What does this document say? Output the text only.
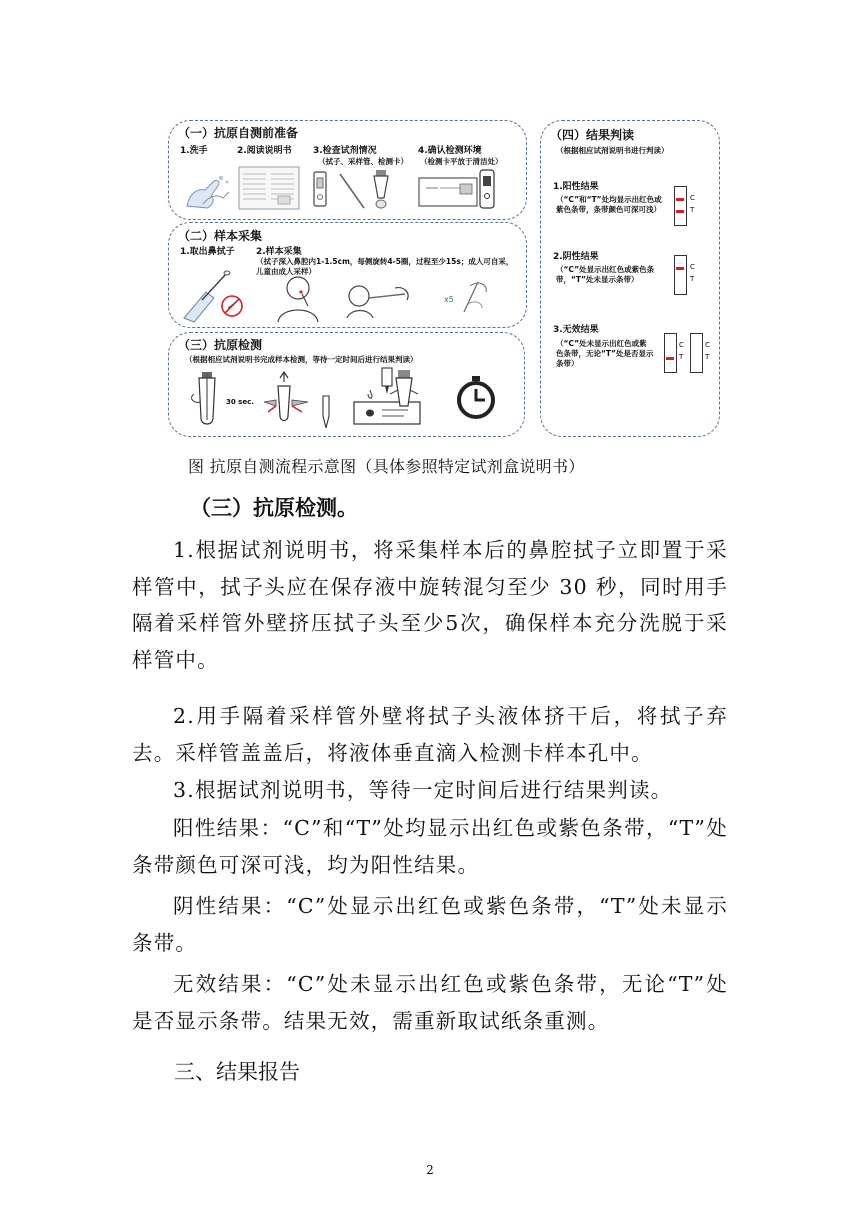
（一）抗原自测前准备
1.洗手	2.阅读说明书 3.检查试剂情况
（拭子、采样管、检测卡）
4.确认检测环境
（检测卡平放于清洁处）
（二）样本采集
1.取出鼻拭子 2.样本采集
（拭子深入鼻腔内1-1.5cm，每侧旋转4-5圈，过程至少15s；成人可自采，儿童由成人采样）
x5
（三）抗原检测
（根据相应试剂说明书完成样本检测，等待一定时间后进行结果判读）
30 sec.
（四）结果判读
（根据相应试剂说明书进行判读）
1.阳性结果
（“C”和“T”处均显示出红色或紫色条带，条带颜色可深可浅）
C
T
2.阴性结果
（“C”处显示出红色或紫色条带，“T”处未显示条带）
C
T
3.无效结果
（“C”处未显示出红色或紫色条带，无论“T”处是否显示条带）
C
T
C
T
图 抗原自测流程示意图（具体参照特定试剂盒说明书）
（三）抗原检测。
1.根据试剂说明书，将采集样本后的鼻腔拭子立即置于采样管中，拭子头应在保存液中旋转混匀至少 30 秒，同时用手隔着采样管外壁挤压拭子头至少5次，确保样本充分洗脱于采样管中。
2.用手隔着采样管外壁将拭子头液体挤干后，将拭子弃去。采样管盖盖后，将液体垂直滴入检测卡样本孔中。
3.根据试剂说明书，等待一定时间后进行结果判读。
阳性结果：“C”和“T”处均显示出红色或紫色条带，“T”处条带颜色可深可浅，均为阳性结果。
阴性结果：“C”处显示出红色或紫色条带，“T”处未显示条带。
无效结果：“C”处未显示出红色或紫色条带，无论“T”处是否显示条带。结果无效，需重新取试纸条重测。
三、结果报告
2
